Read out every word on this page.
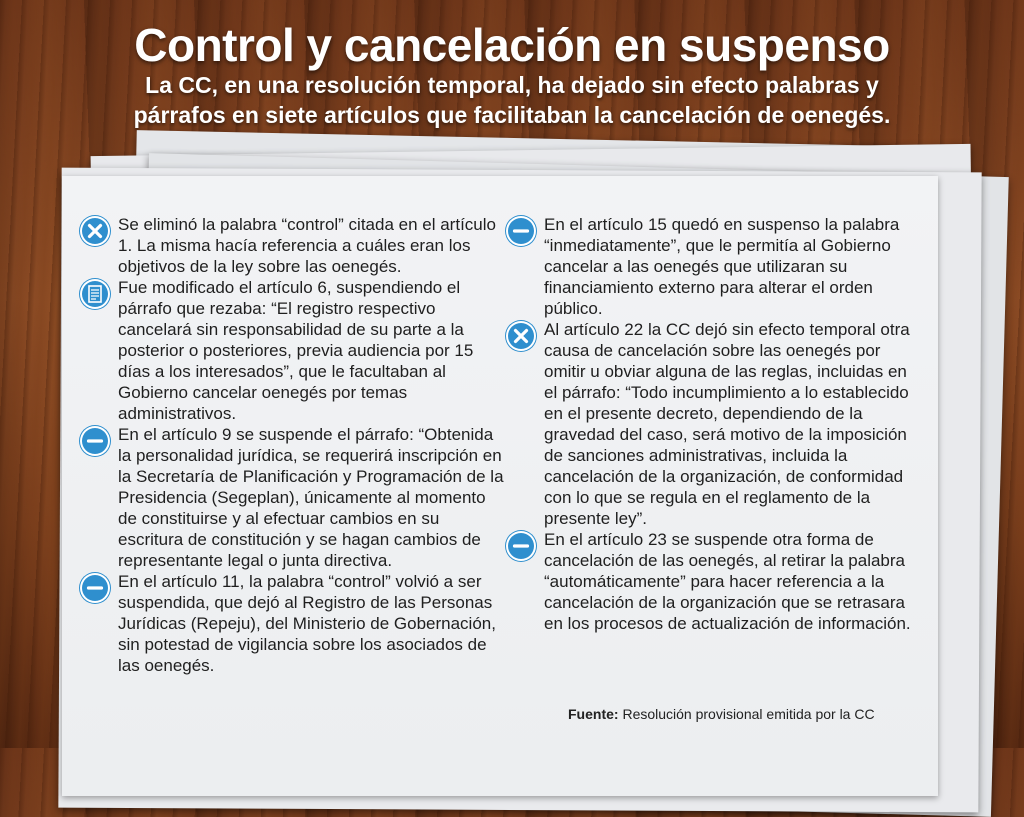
Control y cancelación en suspenso
La CC, en una resolución temporal, ha dejado sin efecto palabras y
párrafos en siete artículos que facilitaban la cancelación de oenegés.

Se eliminó la palabra “control” citada en el artículo 1. La misma hacía referencia a cuáles eran los objetivos de la ley sobre las oenegés.

Fue modificado el artículo 6, suspendiendo el párrafo que rezaba: “El registro respectivo cancelará sin responsabilidad de su parte a la posterior o posteriores, previa audiencia por 15 días a los interesados”, que le facultaban al Gobierno cancelar oenegés por temas administrativos.

En el artículo 9 se suspende el párrafo: “Obtenida la personalidad jurídica, se requerirá inscripción en la Secretaría de Planificación y Programación de la Presidencia (Segeplan), únicamente al momento de constituirse y al efectuar cambios en su escritura de constitución y se hagan cambios de representante legal o junta directiva.

En el artículo 11, la palabra “control” volvió a ser suspendida, que dejó al Registro de las Personas Jurídicas (Repeju), del Ministerio de Gobernación, sin potestad de vigilancia sobre los asociados de las oenegés.

En el artículo 15 quedó en suspenso la palabra “inmediatamente”, que le permitía al Gobierno cancelar a las oenegés que utilizaran su financiamiento externo para alterar el orden público.

Al artículo 22 la CC dejó sin efecto temporal otra causa de cancelación sobre las oenegés por omitir u obviar alguna de las reglas, incluidas en el párrafo: “Todo incumplimiento a lo establecido en el presente decreto, dependiendo de la gravedad del caso, será motivo de la imposición de sanciones administrativas, incluida la cancelación de la organización, de conformidad con lo que se regula en el reglamento de la presente ley”.

En el artículo 23 se suspende otra forma de cancelación de las oenegés, al retirar la palabra “automáticamente” para hacer referencia a la cancelación de la organización que se retrasara en los procesos de actualización de información.

Fuente: Resolución provisional emitida por la CC
